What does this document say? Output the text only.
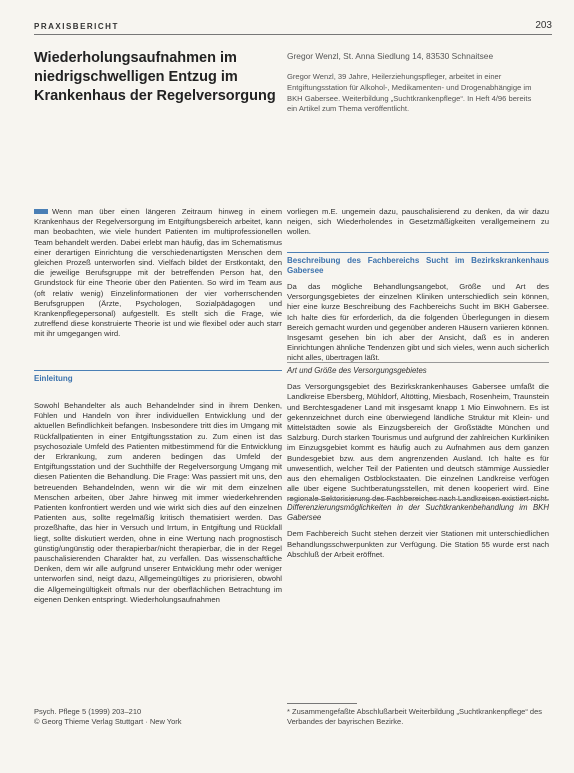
PRAXISBERICHT	203
Wiederholungsaufnahmen im niedrigschwelligen Entzug im Krankenhaus der Regelversorgung
Gregor Wenzl, St. Anna Siedlung 14, 83530 Schnaitsee
Gregor Wenzl, 39 Jahre, Heilerziehungspfleger, arbeitet in einer Entgiftungsstation für Alkohol-, Medikamenten- und Drogenabhängige im BKH Gabersee. Weiterbildung „Suchtkrankenpflege“. In Heft 4/96 bereits ein Artikel zum Thema veröffentlicht.

Wenn man über einen längeren Zeitraum hinweg in einem Krankenhaus der Regelversorgung im Entgiftungsbereich arbeitet, kann man beobachten, wie viele hundert Patienten im multiprofessionellen Team behandelt werden. Dabei erlebt man häufig, das im Schematismus einer derartigen Einrichtung die verschiedenartigsten Menschen dem gleichen Prozeß unterworfen sind. Vielfach bildet der Erstkontakt, den die jeweilige Berufsgruppe mit der betreffenden Person hat, den Grundstock für eine Theorie über den Patienten. So wird im Team aus (oft relativ wenig) Einzelinformationen der vier vorherrschenden Berufsgruppen (Ärzte, Psychologen, Sozialpädagogen und Krankenpflegepersonal) aufgestellt. Es stellt sich die Frage, wie zutreffend diese konstruierte Theorie ist und wie flexibel oder auch starr mit ihr umgegangen wird.

vorliegen m.E. ungemein dazu, pauschalisierend zu denken, da wir dazu neigen, sich Wiederholendes in Gesetzmäßigkeiten verallgemeinern zu wollen.

Einleitung

Sowohl Behandelter als auch Behandelnder sind in ihrem Denken, Fühlen und Handeln von ihrer individuellen Entwicklung und der aktuellen Befindlichkeit befangen. Insbesondere tritt dies im Umgang mit Rückfallpatienten in einer Entgiftungsstation zu. Zum einen ist das psychosoziale Umfeld des Patienten mitbestimmend für die Entwicklung der Erkrankung, zum anderen bedingen das Umfeld der Entgiftungsstation und der Suchthilfe der Regelversorgung Umgang mit diesen Patienten die Behandlung. Die Frage: Was passiert mit uns, den betreuenden Behandelnden, wenn wir die wir mit dem einzelnen Menschen arbeiten, über Jahre hinweg mit immer wiederkehrenden Patienten konfrontiert werden und wie wirkt sich dies auf den einzelnen Patienten aus, sollte regelmäßig kritisch thematisiert werden. Das prozeßhafte, das hier in Versuch und Irrtum, in Entgiftung und Rückfall liegt, sollte diskutiert werden, ohne in eine Wertung nach prognostisch günstig/ungünstig oder therapierbar/nicht therapierbar, die in der Regel pauschalisierenden Charakter hat, zu verfallen. Das wissenschaftliche Denken, dem wir alle aufgrund unserer Entwicklung mehr oder weniger unterworfen sind, neigt dazu, Allgemeingültiges zu priorisieren, obwohl die Allgemeingültigkeit oftmals nur der oberflächlichen Betrachtung im eigenen Denken entspringt. Wiederholungsaufnahmen

Beschreibung des Fachbereichs Sucht im Bezirkskrankenhaus Gabersee

Da das mögliche Behandlungsangebot, Größe und Art des Versorgungsgebietes der einzelnen Kliniken unterschiedlich sein können, hier eine kurze Beschreibung des Fachbereichs Sucht im BKH Gabersee. Ich halte dies für erforderlich, da die folgenden Überlegungen in diesem Bereich gemacht wurden und gegenüber anderen Häusern variieren können. Insgesamt gesehen bin ich aber der Ansicht, daß es in anderen Einrichtungen ähnliche Tendenzen gibt und sich vieles, wenn auch sicherlich nicht alles, übertragen läßt.

Art und Größe des Versorgungsgebietes

Das Versorgungsgebiet des Bezirkskrankenhauses Gabersee umfaßt die Landkreise Ebersberg, Mühldorf, Altötting, Miesbach, Rosenheim, Traunstein und Berchtesgadener Land mit insgesamt knapp 1 Mio Einwohnern. Es ist gekennzeichnet durch eine überwiegend ländliche Struktur mit Klein- und Mittelstädten sowie als Einzugsbereich der Großstädte München und Salzburg. Durch starken Tourismus und aufgrund der zahlreichen Kurkliniken im Einzugsgebiet kommt es häufig auch zu Aufnahmen aus dem ganzen Bundesgebiet bzw. aus dem angrenzenden Ausland. Ich halte es für unwesentlich, welcher Teil der Patienten und deutsch stämmige Aussiedler aus den ehemaligen Ostblockstaaten. Die einzelnen Landkreise verfügen alle über eigene Suchtberatungsstellen, mit denen kooperiert wird. Eine regionale Sektorisierung des Fachbereiches nach Landkreisen existiert nicht.

Differenzierungsmöglichkeiten in der Suchtkrankenbehandlung im BKH Gabersee

Dem Fachbereich Sucht stehen derzeit vier Stationen mit unterschiedlichen Behandlungsschwerpunkten zur Verfügung. Die Station 55 wurde erst nach Abschluß der Arbeit eröffnet.

Psych. Pflege 5 (1999) 203–210
© Georg Thieme Verlag Stuttgart · New York
* Zusammengefaßte Abschlußarbeit Weiterbildung „Suchtkrankenpflege“ des Verbandes der bayrischen Bezirke.
